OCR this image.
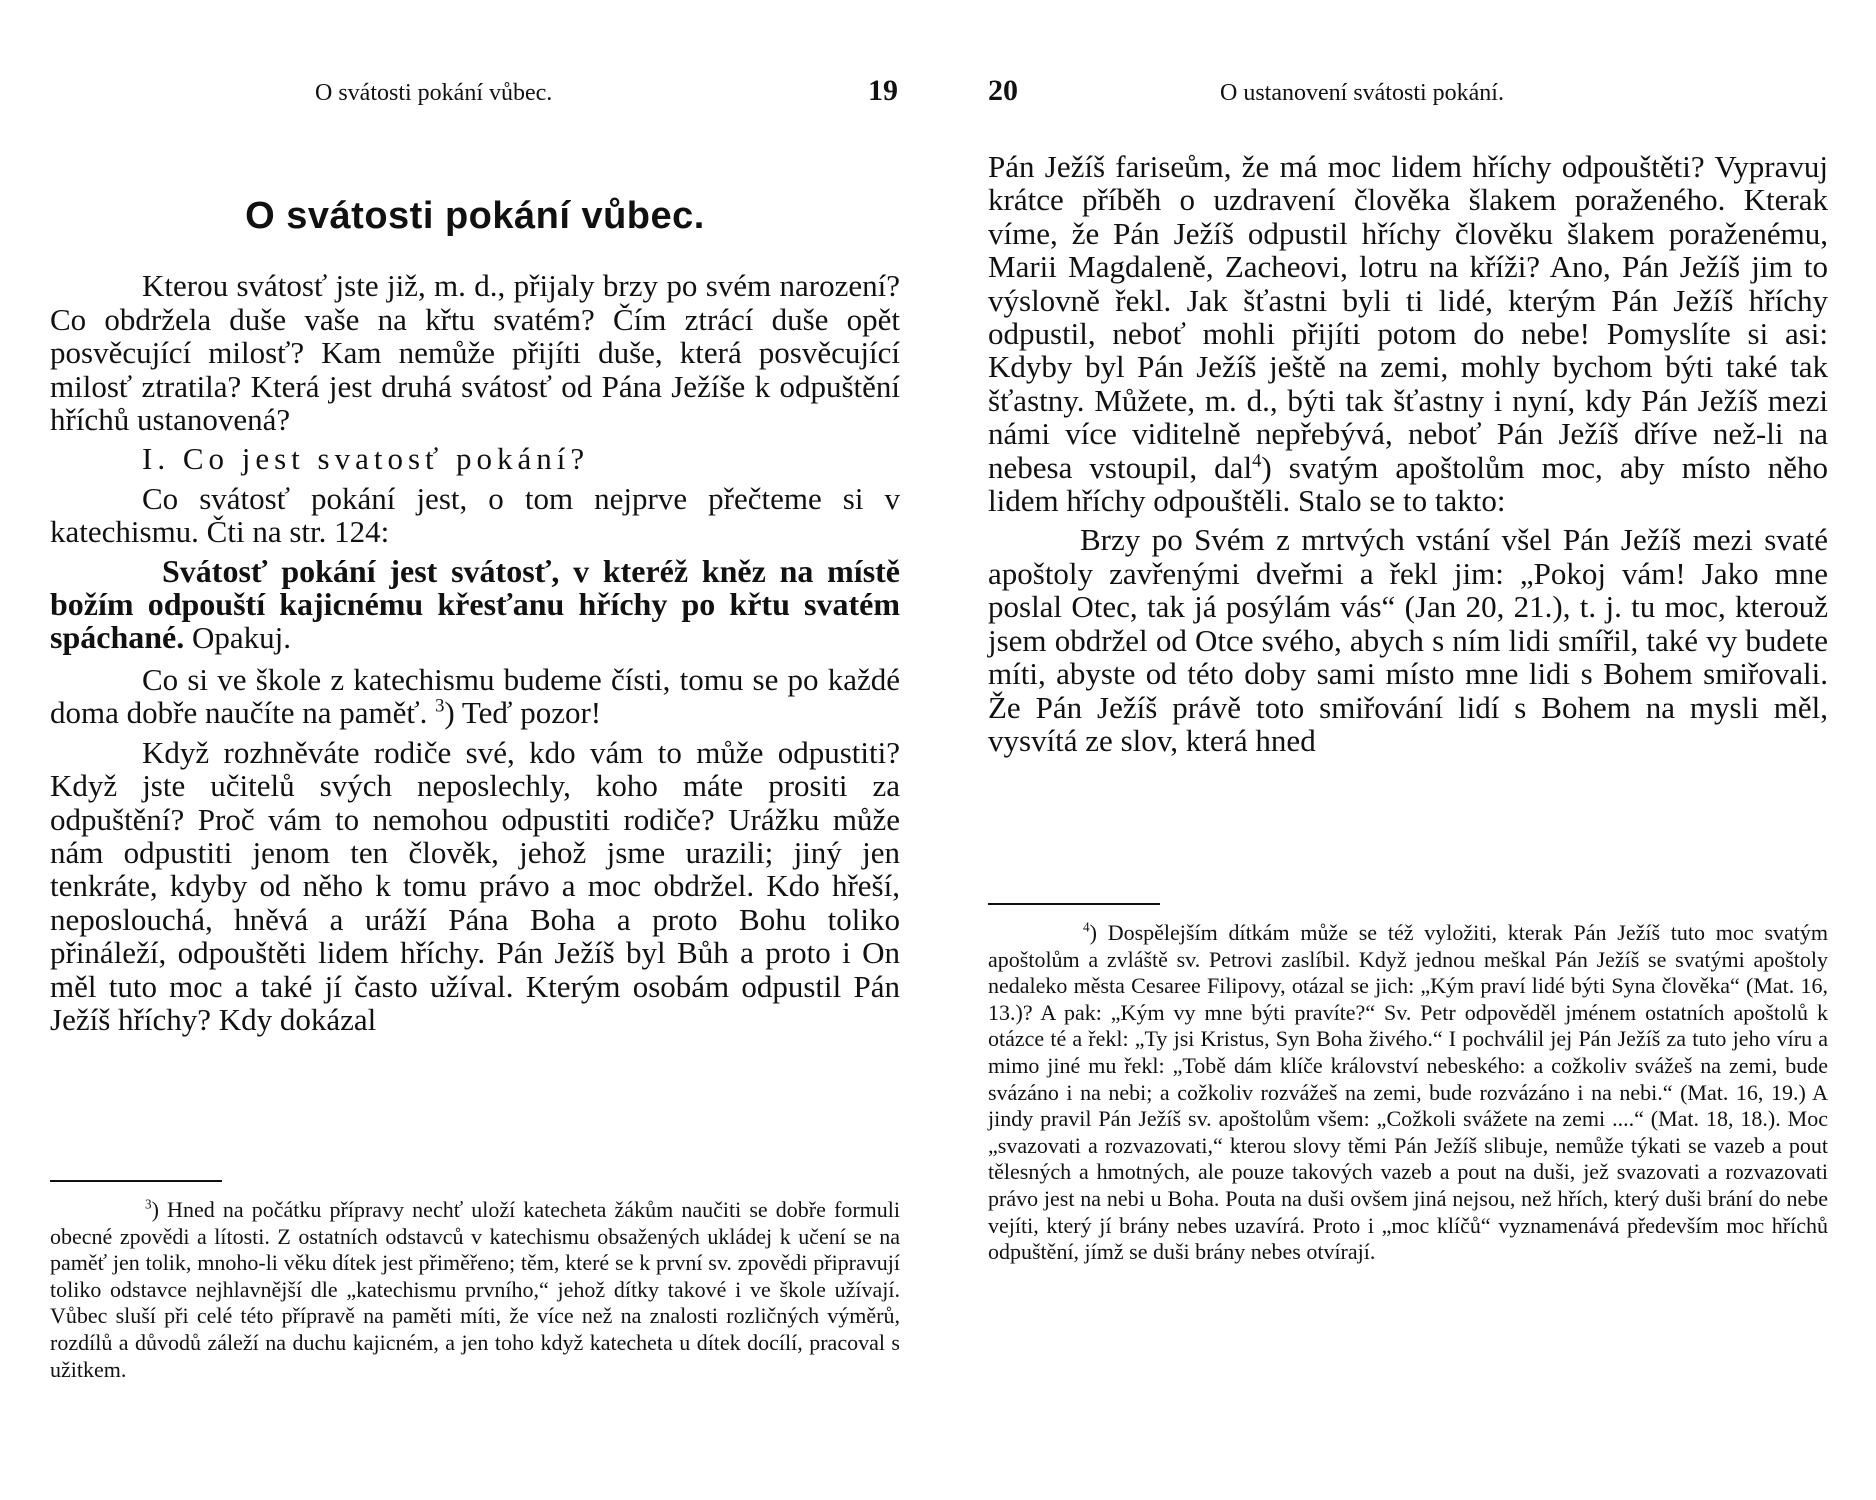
O svátosti pokání vůbec.	19
O svátosti pokání vůbec.

Kterou svátosť jste již, m. d., přijaly brzy po svém narození? Co obdržela duše vaše na křtu svatém? Čím ztrácí duše opět posvěcující milosť? Kam nemůže přijíti duše, která posvěcující milosť ztratila? Která jest druhá svátosť od Pána Ježíše k odpuštění hříchů ustanovená?

I. Co jest svatosť pokání?

Co svátosť pokání jest, o tom nejprve přečteme si v katechismu. Čti na str. 124:

Svátosť pokání jest svátosť, v kteréž kněz na místě božím odpouští kajicnému křesťanu hříchy po křtu svatém spáchané. Opakuj.

Co si ve škole z katechismu budeme čísti, tomu se po každé doma dobře naučíte na paměť. $^3$) Teď pozor!

Když rozhněváte rodiče své, kdo vám to může odpustiti? Když jste učitelů svých neposlechly, koho máte prositi za odpuštění? Proč vám to nemohou odpustiti rodiče? Urážku může nám odpustiti jenom ten člověk, jehož jsme urazili; jiný jen tenkráte, kdyby od něho k tomu právo a moc obdržel. Kdo hřeší, neposlouchá, hněvá a uráží Pána Boha a proto Bohu toliko přináleží, odpouštěti lidem hříchy. Pán Ježíš byl Bůh a proto i On měl tuto moc a také jí často užíval. Kterým osobám odpustil Pán Ježíš hříchy? Kdy dokázal

$^3$) Hned na počátku přípravy nechť uloží katecheta žákům naučiti se dobře formuli obecné zpovědi a lítosti. Z ostatních odstavců v katechismu obsažených ukládej k učení se na paměť jen tolik, mnoho-li věku dítek jest přiměřeno; těm, které se k první sv. zpovědi připravují toliko odstavce nejhlavnější dle „katechismu prvního,“ jehož dítky takové i ve škole užívají. Vůbec sluší při celé této přípravě na paměti míti, že více než na znalosti rozličných výměrů, rozdílů a důvodů záleží na duchu kajicném, a jen toho když katecheta u dítek docílí, pracoval s užitkem.
20	O ustanovení svátosti pokání.

Pán Ježíš fariseům, že má moc lidem hříchy odpouštěti? Vypravuj krátce příběh o uzdravení člověka šlakem poraženého. Kterak víme, že Pán Ježíš odpustil hříchy člověku šlakem poraženému, Marii Magdaleně, Zacheovi, lotru na kříži? Ano, Pán Ježíš jim to výslovně řekl. Jak šťastni byli ti lidé, kterým Pán Ježíš hříchy odpustil, neboť mohli přijíti potom do nebe! Pomyslíte si asi: Kdyby byl Pán Ježíš ještě na zemi, mohly bychom býti také tak šťastny. Můžete, m. d., býti tak šťastny i nyní, kdy Pán Ježíš mezi námi více viditelně nepřebývá, neboť Pán Ježíš dříve než-li na nebesa vstoupil, dal$^4$) svatým apoštolům moc, aby místo něho lidem hříchy odpouštěli. Stalo se to takto:

Brzy po Svém z mrtvých vstání všel Pán Ježíš mezi svaté apoštoly zavřenými dveřmi a řekl jim: „Pokoj vám! Jako mne poslal Otec, tak já posýlám vás“ (Jan 20, 21.), t. j. tu moc, kterouž jsem obdržel od Otce svého, abych s ním lidi smířil, také vy budete míti, abyste od této doby sami místo mne lidi s Bohem smiřovali. Že Pán Ježíš právě toto smiřování lidí s Bohem na mysli měl, vysvítá ze slov, která hned

$^4$) Dospělejším dítkám může se též vyložiti, kterak Pán Ježíš tuto moc svatým apoštolům a zvláště sv. Petrovi zaslíbil. Když jednou meškal Pán Ježíš se svatými apoštoly nedaleko města Cesaree Filipovy, otázal se jich: „Kým praví lidé býti Syna člověka“ (Mat. 16, 13.)? A pak: „Kým vy mne býti pravíte?“ Sv. Petr odpověděl jménem ostatních apoštolů k otázce té a řekl: „Ty jsi Kristus, Syn Boha živého.“ I pochválil jej Pán Ježíš za tuto jeho víru a mimo jiné mu řekl: „Tobě dám klíče království nebeského: a cožkoliv svážeš na zemi, bude svázáno i na nebi; a cožkoliv rozvážeš na zemi, bude rozvázáno i na nebi.“ (Mat. 16, 19.) A jindy pravil Pán Ježíš sv. apoštolům všem: „Cožkoli svážete na zemi ....“ (Mat. 18, 18.). Moc „svazovati a rozvazovati,“ kterou slovy těmi Pán Ježíš slibuje, nemůže týkati se vazeb a pout tělesných a hmotných, ale pouze takových vazeb a pout na duši, jež svazovati a rozvazovati právo jest na nebi u Boha. Pouta na duši ovšem jiná nejsou, než hřích, který duši brání do nebe vejíti, který jí brány nebes uzavírá. Proto i „moc klíčů“ vyznamenává především moc hříchů odpuštění, jímž se duši brány nebes otvírají.
